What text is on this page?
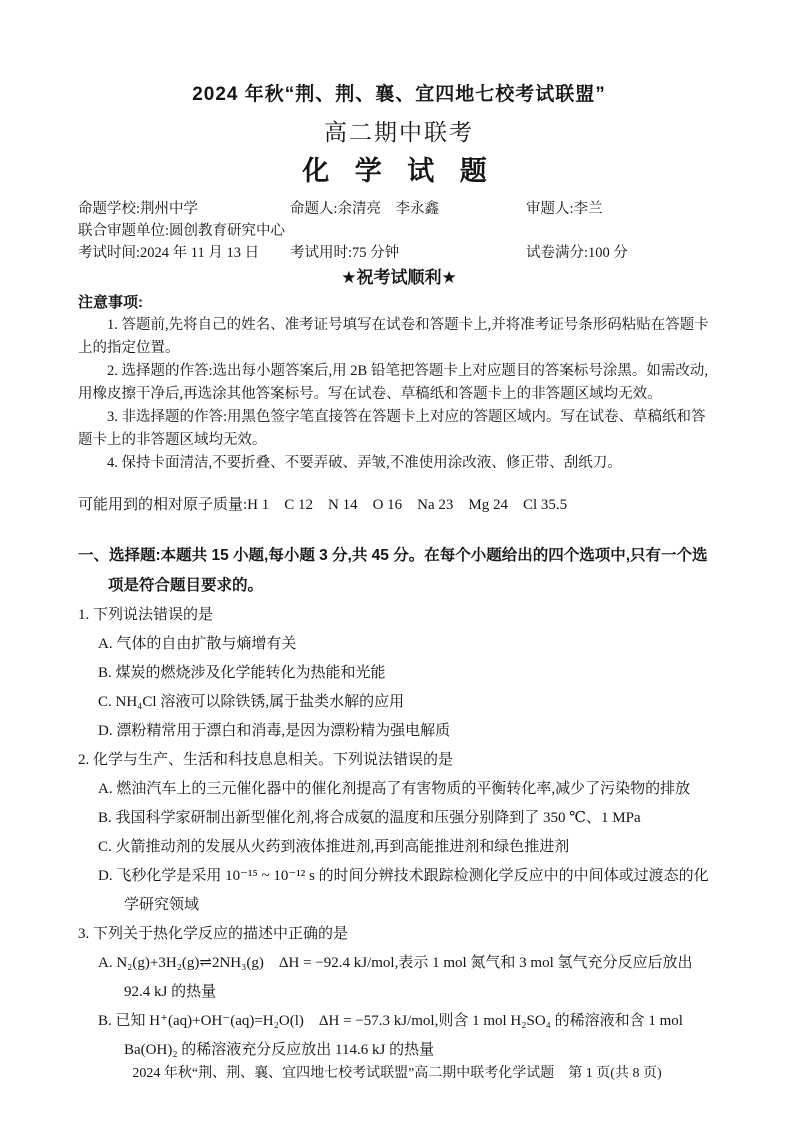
2024 年秋“荆、荆、襄、宜四地七校考试联盟”
高二期中联考
化 学 试 题
命题学校:荆州中学	命题人:余清亮　李永鑫	审题人:李兰
联合审题单位:圆创教育研究中心
考试时间:2024 年 11 月 13 日	考试用时:75 分钟	试卷满分:100 分
★祝考试顺利★
注意事项:

1. 答题前,先将自己的姓名、准考证号填写在试卷和答题卡上,并将准考证号条形码粘贴在答题卡上的指定位置。

2. 选择题的作答:选出每小题答案后,用 2B 铅笔把答题卡上对应题目的答案标号涂黑。如需改动,用橡皮擦干净后,再选涂其他答案标号。写在试卷、草稿纸和答题卡上的非答题区域均无效。

3. 非选择题的作答:用黑色签字笔直接答在答题卡上对应的答题区域内。写在试卷、草稿纸和答题卡上的非答题区域均无效。

4. 保持卡面清洁,不要折叠、不要弄破、弄皱,不准使用涂改液、修正带、刮纸刀。

可能用到的相对原子质量:H 1　C 12　N 14　O 16　Na 23　Mg 24　Cl 35.5

一、选择题:本题共 15 小题,每小题 3 分,共 45 分。在每个小题给出的四个选项中,只有一个选项是符合题目要求的。

1. 下列说法错误的是

A. 气体的自由扩散与熵增有关

B. 煤炭的燃烧涉及化学能转化为热能和光能

C. NH₄Cl 溶液可以除铁锈,属于盐类水解的应用

D. 漂粉精常用于漂白和消毒,是因为漂粉精为强电解质

2. 化学与生产、生活和科技息息相关。下列说法错误的是

A. 燃油汽车上的三元催化器中的催化剂提高了有害物质的平衡转化率,减少了污染物的排放

B. 我国科学家研制出新型催化剂,将合成氨的温度和压强分别降到了 350 ℃、1 MPa

C. 火箭推动剂的发展从火药到液体推进剂,再到高能推进剂和绿色推进剂

D. 飞秒化学是采用 10⁻¹⁵ ~ 10⁻¹² s 的时间分辨技术跟踪检测化学反应中的中间体或过渡态的化学研究领域

3. 下列关于热化学反应的描述中正确的是

A. N₂(g)+3H₂(g)⇌2NH₃(g)　ΔH = −92.4 kJ/mol,表示 1 mol 氮气和 3 mol 氢气充分反应后放出 92.4 kJ 的热量

B. 已知 H⁺(aq)+OH⁻(aq)=H₂O(l)　ΔH = −57.3 kJ/mol,则含 1 mol H₂SO₄ 的稀溶液和含 1 mol Ba(OH)₂ 的稀溶液充分反应放出 114.6 kJ 的热量

2024 年秋“荆、荆、襄、宜四地七校考试联盟”高二期中联考化学试题　第 1 页(共 8 页)
